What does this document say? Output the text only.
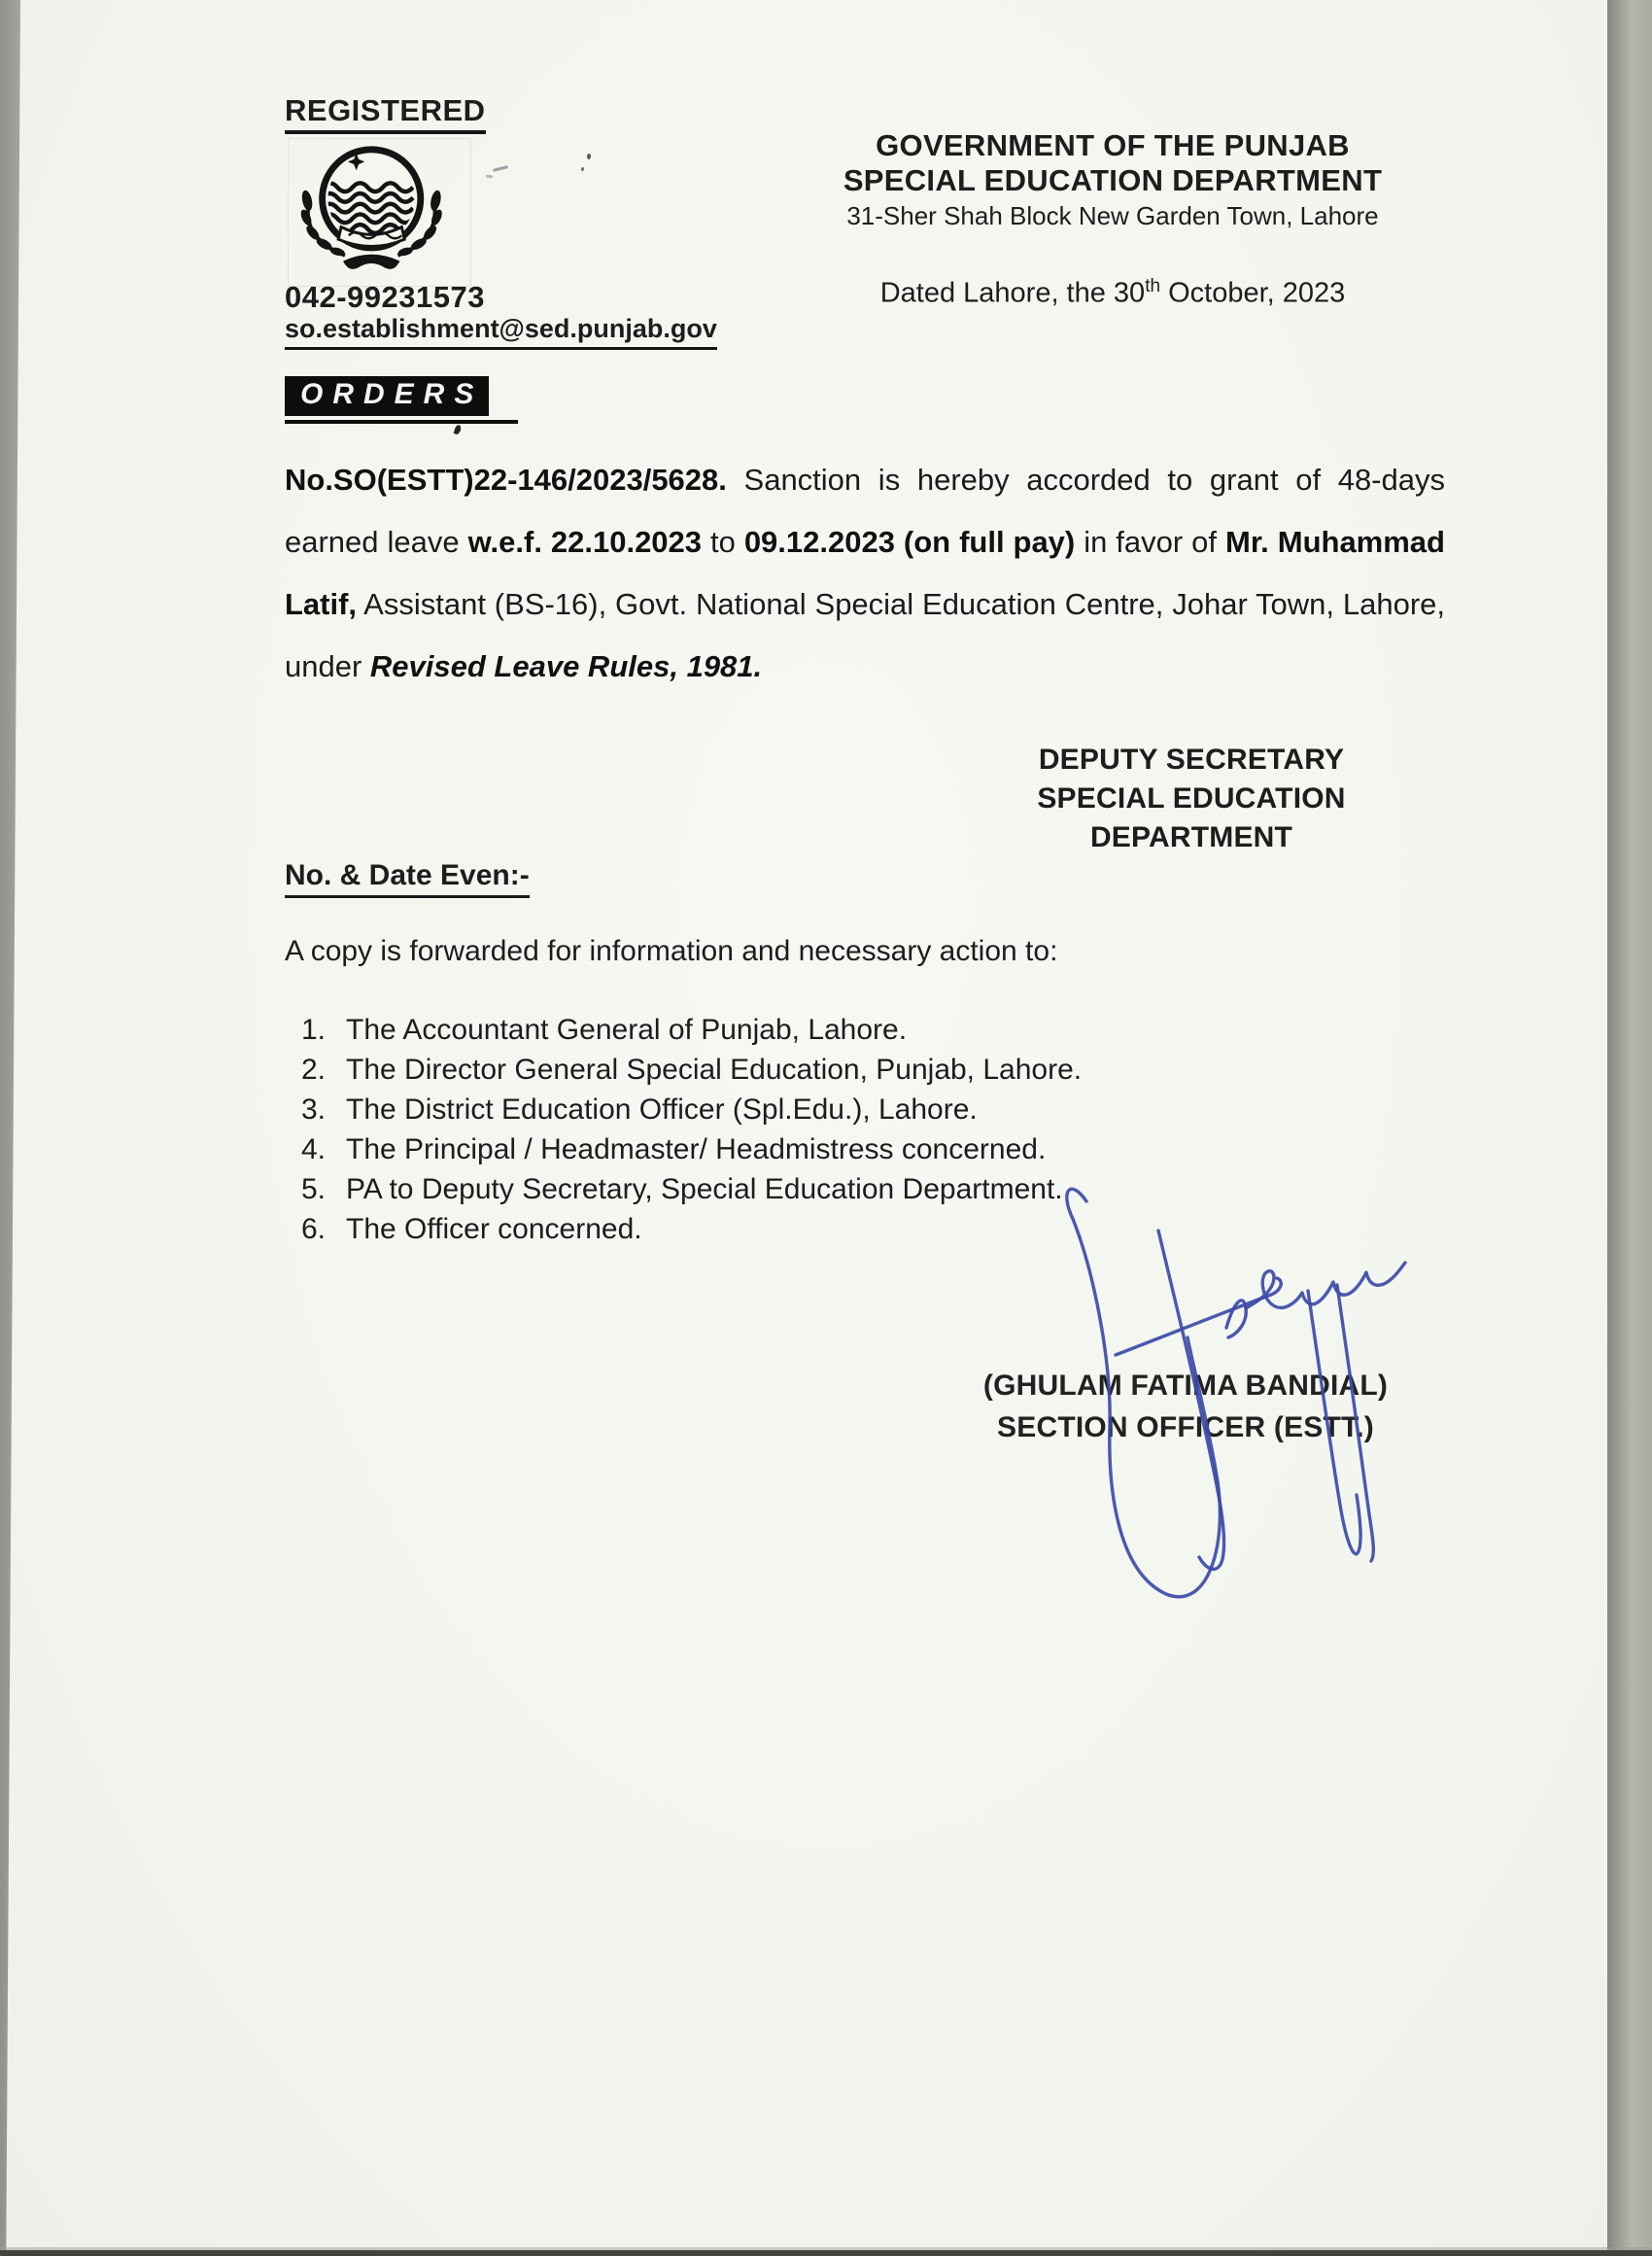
REGISTERED
042-99231573
so.establishment@sed.punjab.gov
GOVERNMENT OF THE PUNJAB
SPECIAL EDUCATION DEPARTMENT
31-Sher Shah Block New Garden Town, Lahore
Dated Lahore, the 30th October, 2023
ORDERS
No.SO(ESTT)22-146/2023/5628. Sanction is hereby accorded to grant of 48-days earned leave w.e.f. 22.10.2023 to 09.12.2023 (on full pay) in favor of Mr. Muhammad Latif, Assistant (BS-16), Govt. National Special Education Centre, Johar Town, Lahore, under Revised Leave Rules, 1981.
DEPUTY SECRETARY
SPECIAL EDUCATION
DEPARTMENT
No. & Date Even:-
A copy is forwarded for information and necessary action to:
1. The Accountant General of Punjab, Lahore.
2. The Director General Special Education, Punjab, Lahore.
3. The District Education Officer (Spl.Edu.), Lahore.
4. The Principal / Headmaster/ Headmistress concerned.
5. PA to Deputy Secretary, Special Education Department.
6. The Officer concerned.
(GHULAM FATIMA BANDIAL)
SECTION OFFICER (ESTT.)
